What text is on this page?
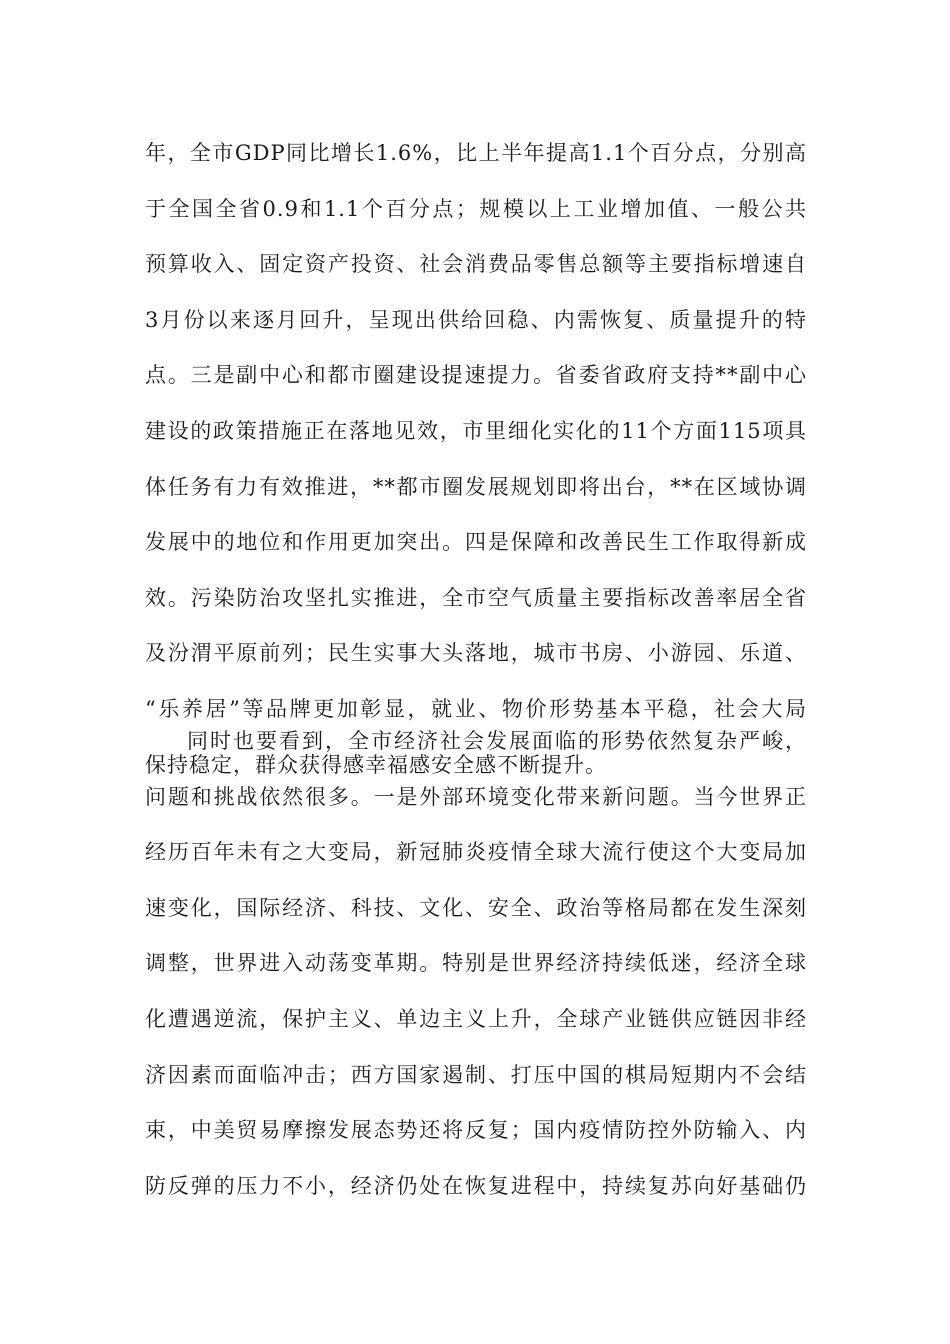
年，全市GDP同比增长1.6%，比上半年提高1.1个百分点，分别高
于全国全省0.9和1.1个百分点；规模以上工业增加值、一般公共
预算收入、固定资产投资、社会消费品零售总额等主要指标增速自
3月份以来逐月回升，呈现出供给回稳、内需恢复、质量提升的特
点。三是副中心和都市圈建设提速提力。省委省政府支持**副中心
建设的政策措施正在落地见效，市里细化实化的11个方面115项具
体任务有力有效推进，**都市圈发展规划即将出台，**在区域协调
发展中的地位和作用更加突出。四是保障和改善民生工作取得新成
效。污染防治攻坚扎实推进，全市空气质量主要指标改善率居全省
及汾渭平原前列；民生实事大头落地，城市书房、小游园、乐道、
“乐养居”等品牌更加彰显，就业、物价形势基本平稳，社会大局
保持稳定，群众获得感幸福感安全感不断提升。
同时也要看到，全市经济社会发展面临的形势依然复杂严峻，
问题和挑战依然很多。一是外部环境变化带来新问题。当今世界正
经历百年未有之大变局，新冠肺炎疫情全球大流行使这个大变局加
速变化，国际经济、科技、文化、安全、政治等格局都在发生深刻
调整，世界进入动荡变革期。特别是世界经济持续低迷，经济全球
化遭遇逆流，保护主义、单边主义上升，全球产业链供应链因非经
济因素而面临冲击；西方国家遏制、打压中国的棋局短期内不会结
束，中美贸易摩擦发展态势还将反复；国内疫情防控外防输入、内
防反弹的压力不小，经济仍处在恢复进程中，持续复苏向好基础仍
